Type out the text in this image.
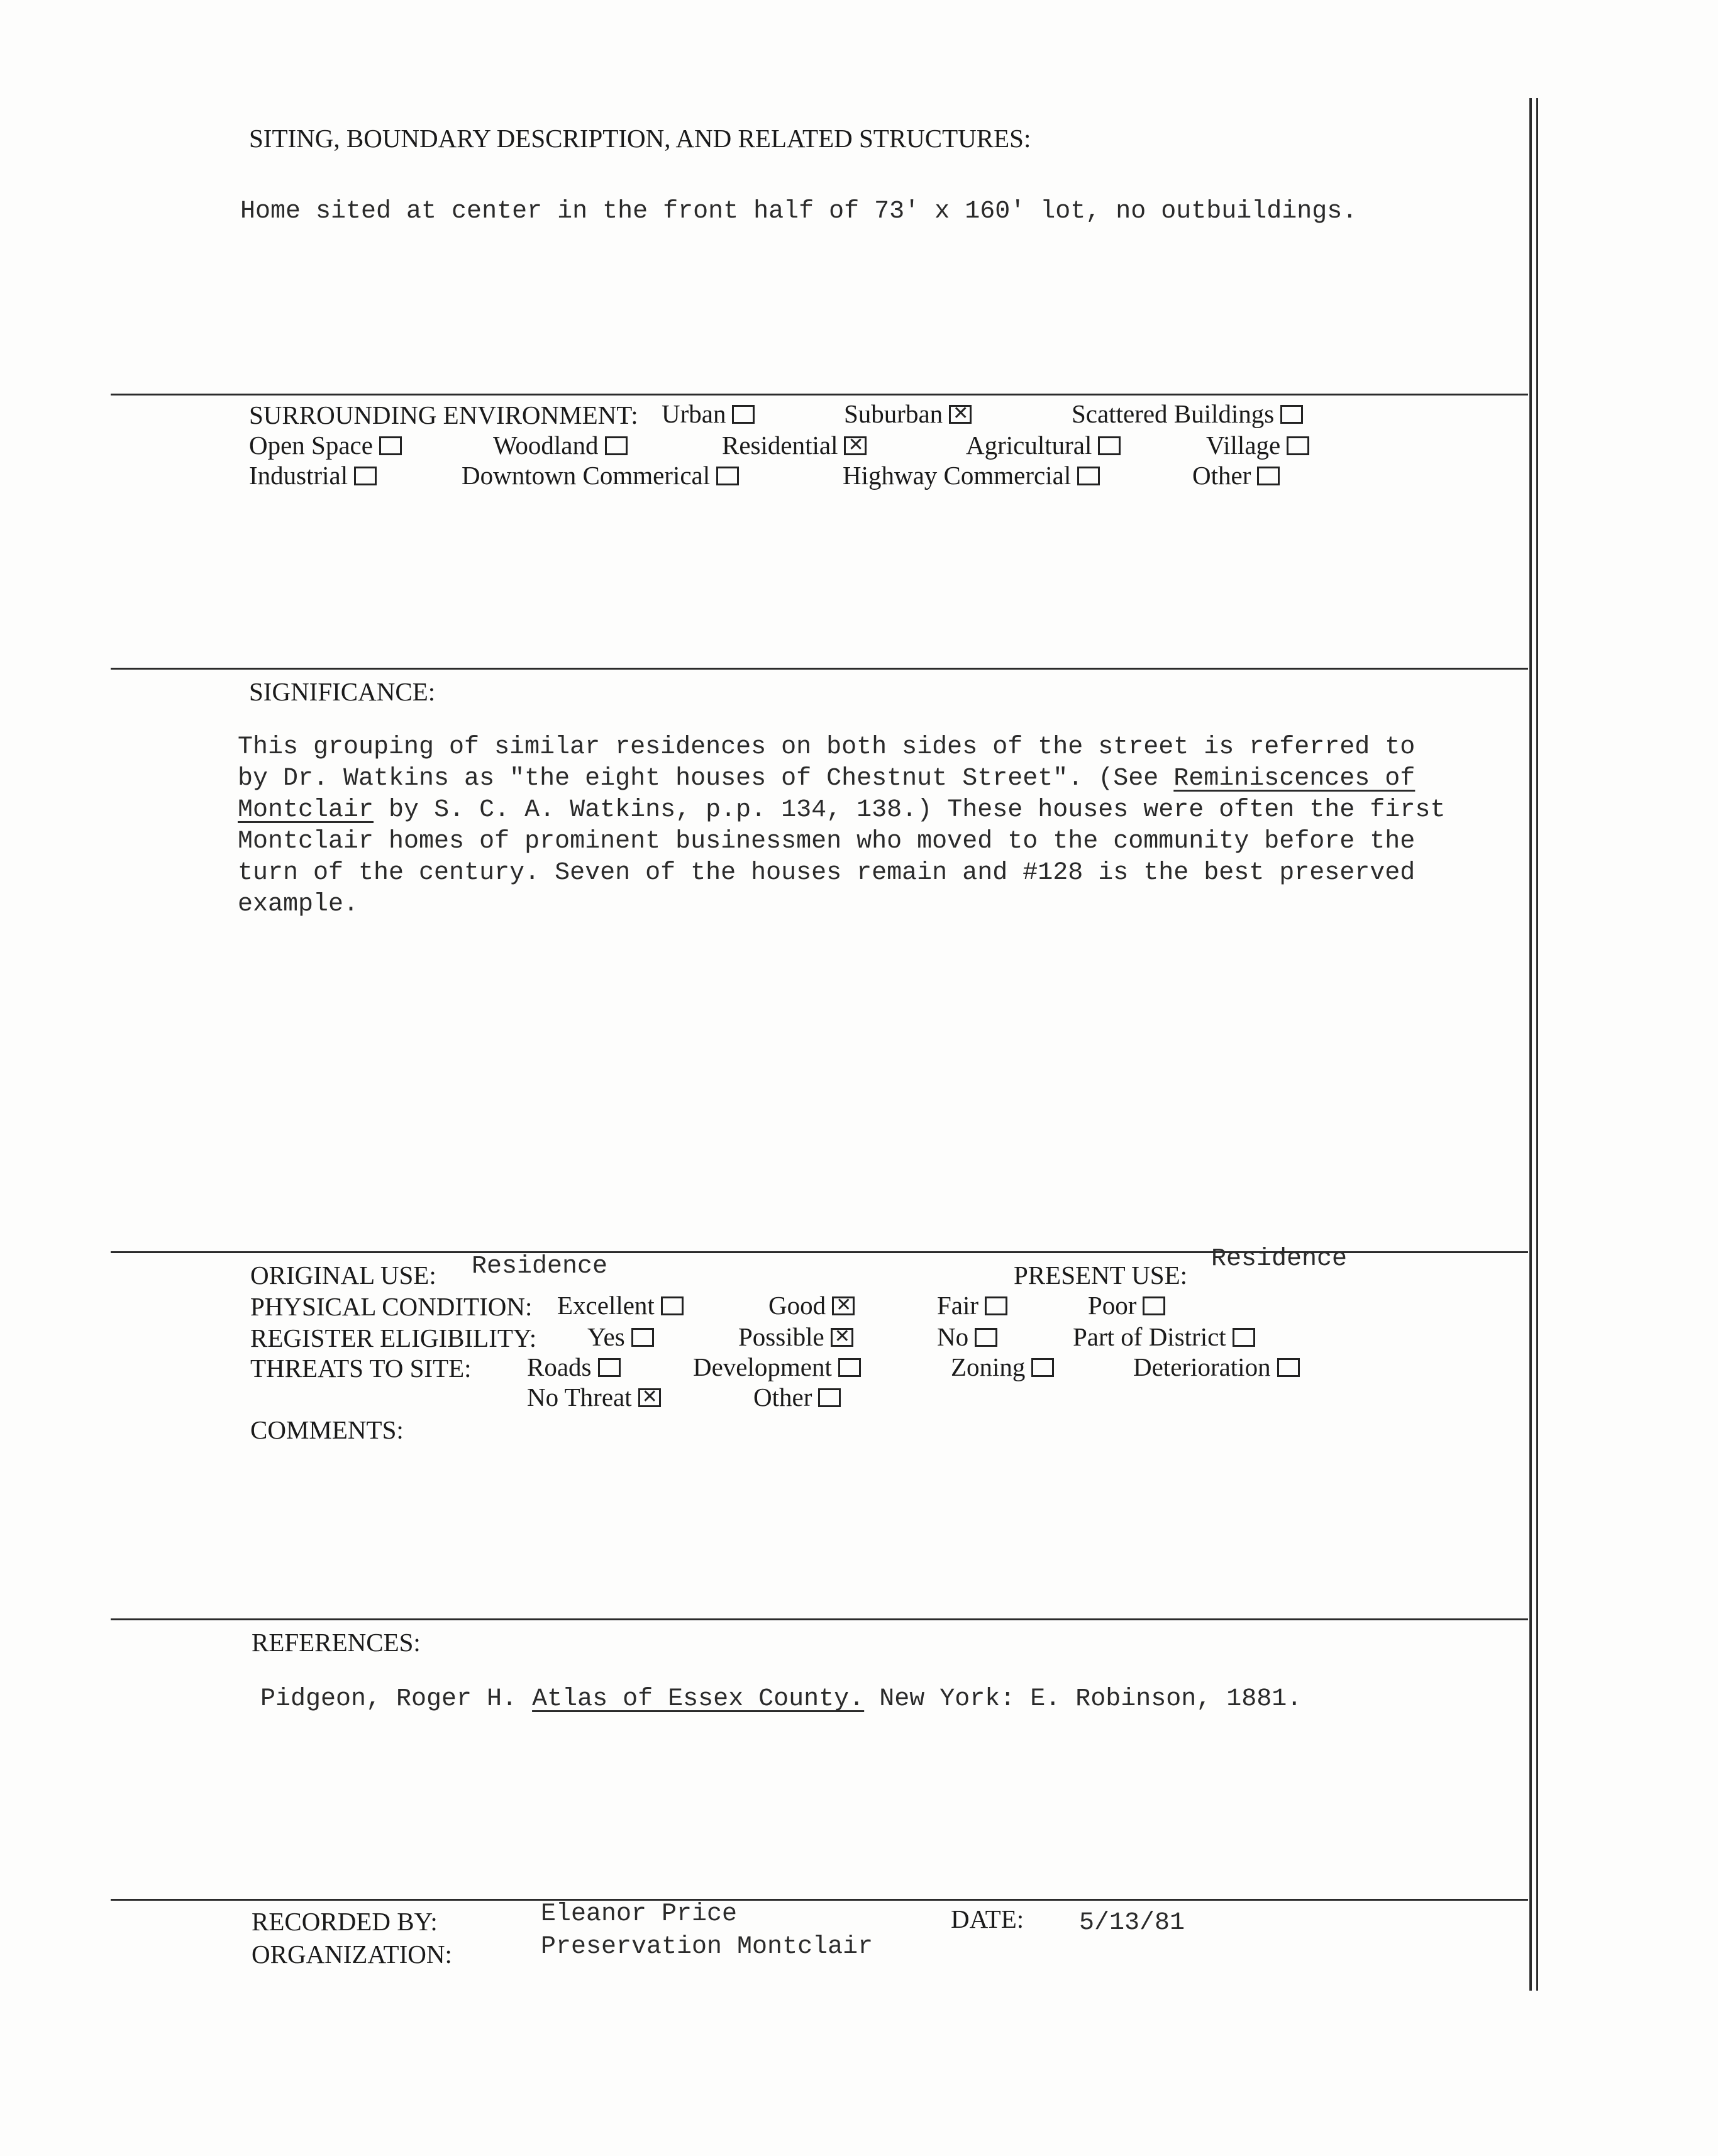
SITING, BOUNDARY DESCRIPTION, AND RELATED STRUCTURES:
Home sited at center in the front half of 73' x 160' lot, no outbuildings.
SURROUNDING ENVIRONMENT: Urban	Suburban ✕	Scattered Buildings
Open Space	Woodland	Residential ✕	Agricultural	Village
Industrial	Downtown Commerical	Highway Commercial	Other
SIGNIFICANCE:
This grouping of similar residences on both sides of the street is referred to
by Dr. Watkins as "the eight houses of Chestnut Street". (See Reminiscences of
Montclair by S. C. A. Watkins, p.p. 134, 138.) These houses were often the first
Montclair homes of prominent businessmen who moved to the community before the
turn of the century. Seven of the houses remain and #128 is the best preserved
example.
ORIGINAL USE: Residence	PRESENT USE:
Residence
PHYSICAL CONDITION: Excellent	Good ✕	Fair	Poor
REGISTER ELIGIBILITY: Yes	Possible ✕	No	Part of District
THREATS TO SITE: Roads	Development	Zoning	Deterioration
No Threat ✕	Other
COMMENTS:
REFERENCES:
Pidgeon, Roger H. Atlas of Essex County. New York: E. Robinson, 1881.
RECORDED BY:	Eleanor Price	DATE: 5/13/81
ORGANIZATION:	Preservation Montclair
